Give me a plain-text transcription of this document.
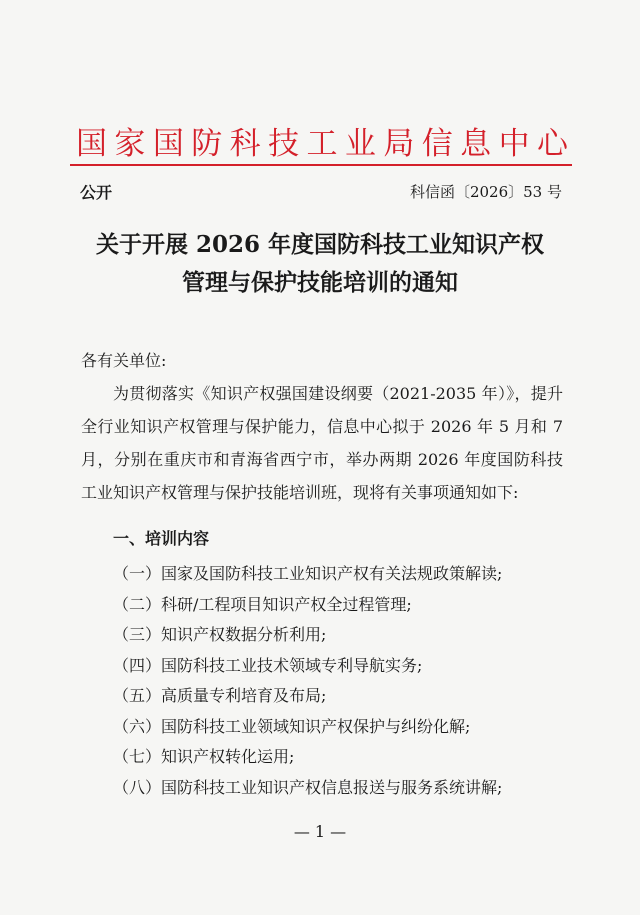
国家国防科技工业局信息中心
公开	科信函〔2026〕53 号
关于开展 2026 年度国防科技工业知识产权
管理与保护技能培训的通知

各有关单位:

为贯彻落实《知识产权强国建设纲要（2021-2035 年）》，提升全行业知识产权管理与保护能力，信息中心拟于 2026 年 5 月和 7 月，分别在重庆市和青海省西宁市，举办两期 2026 年度国防科技工业知识产权管理与保护技能培训班，现将有关事项通知如下:

一、培训内容
（一）国家及国防科技工业知识产权有关法规政策解读;
（二）科研/工程项目知识产权全过程管理;
（三）知识产权数据分析利用;
（四）国防科技工业技术领域专利导航实务;
（五）高质量专利培育及布局;
（六）国防科技工业领域知识产权保护与纠纷化解;
（七）知识产权转化运用;
（八）国防科技工业知识产权信息报送与服务系统讲解;
— 1 —
